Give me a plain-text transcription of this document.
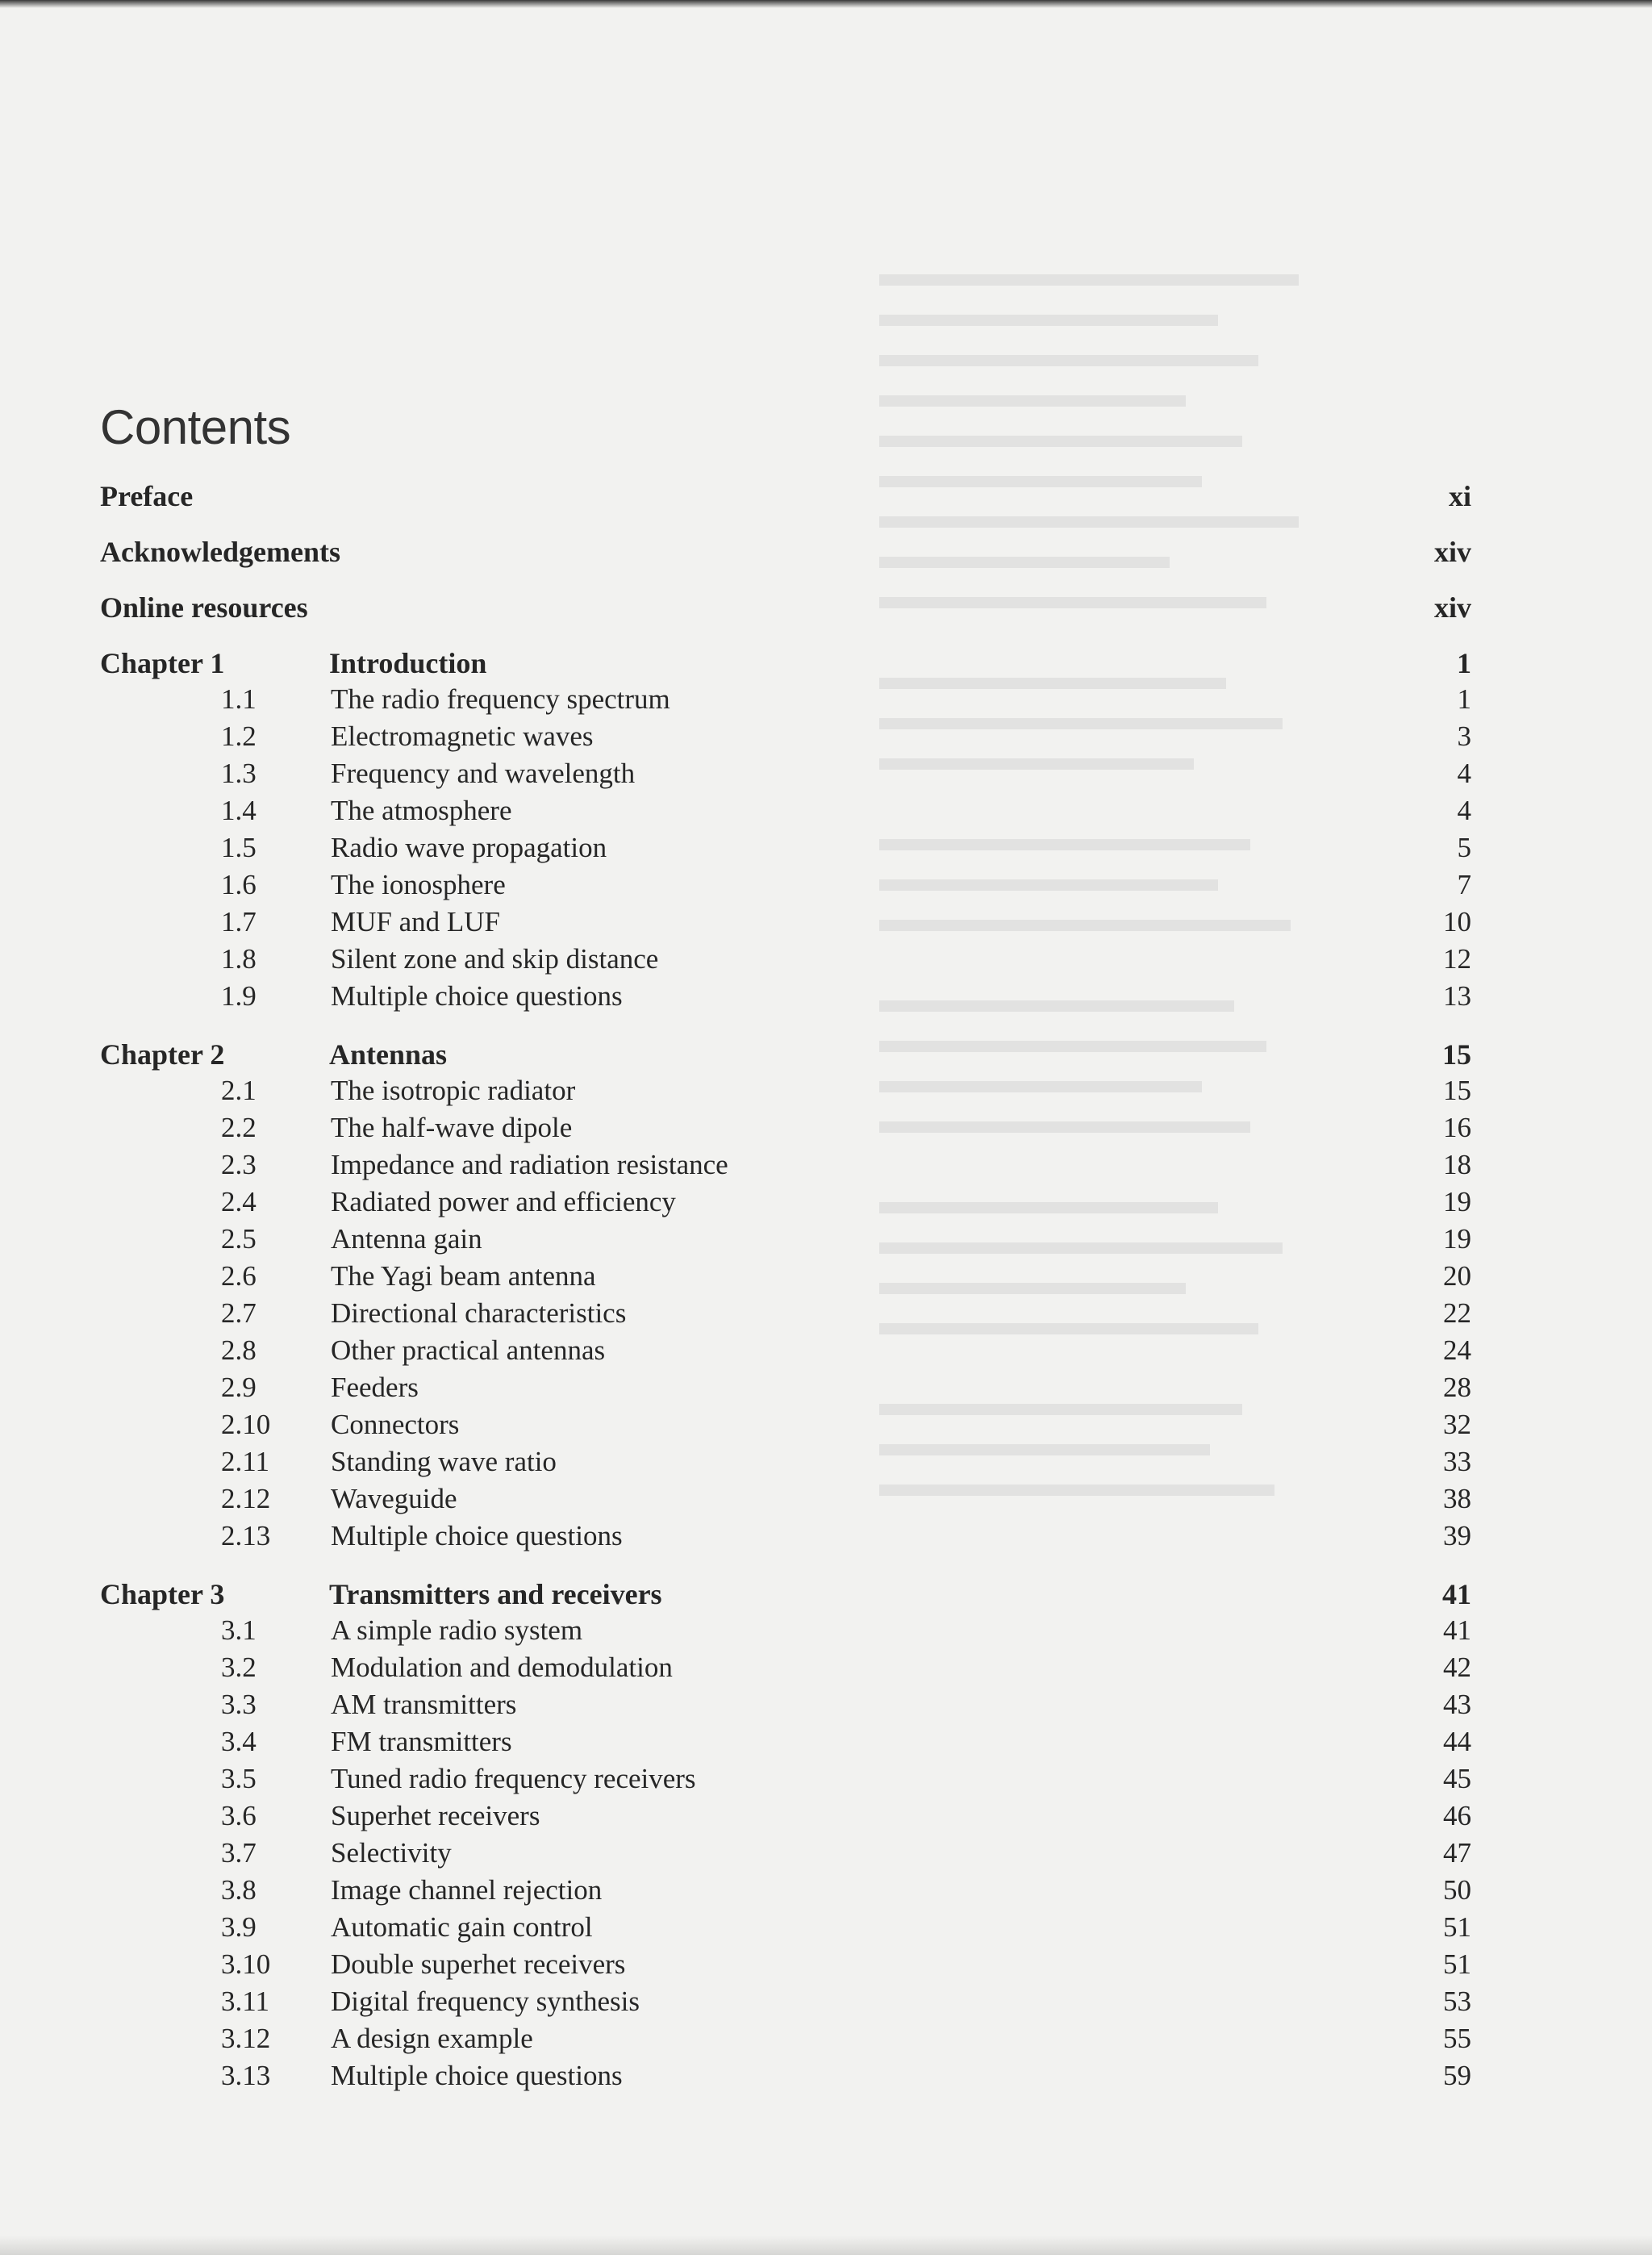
Contents
Preface	xi
Acknowledgements	xiv
Online resources	xiv
Chapter 1	Introduction	1
1.1	The radio frequency spectrum	1
1.2	Electromagnetic waves	3
1.3	Frequency and wavelength	4
1.4	The atmosphere	4
1.5	Radio wave propagation	5
1.6	The ionosphere	7
1.7	MUF and LUF	10
1.8	Silent zone and skip distance	12
1.9	Multiple choice questions	13
Chapter 2	Antennas	15
2.1	The isotropic radiator	15
2.2	The half-wave dipole	16
2.3	Impedance and radiation resistance	18
2.4	Radiated power and efficiency	19
2.5	Antenna gain	19
2.6	The Yagi beam antenna	20
2.7	Directional characteristics	22
2.8	Other practical antennas	24
2.9	Feeders	28
2.10	Connectors	32
2.11	Standing wave ratio	33
2.12	Waveguide	38
2.13	Multiple choice questions	39
Chapter 3	Transmitters and receivers	41
3.1	A simple radio system	41
3.2	Modulation and demodulation	42
3.3	AM transmitters	43
3.4	FM transmitters	44
3.5	Tuned radio frequency receivers	45
3.6	Superhet receivers	46
3.7	Selectivity	47
3.8	Image channel rejection	50
3.9	Automatic gain control	51
3.10	Double superhet receivers	51
3.11	Digital frequency synthesis	53
3.12	A design example	55
3.13	Multiple choice questions	59
